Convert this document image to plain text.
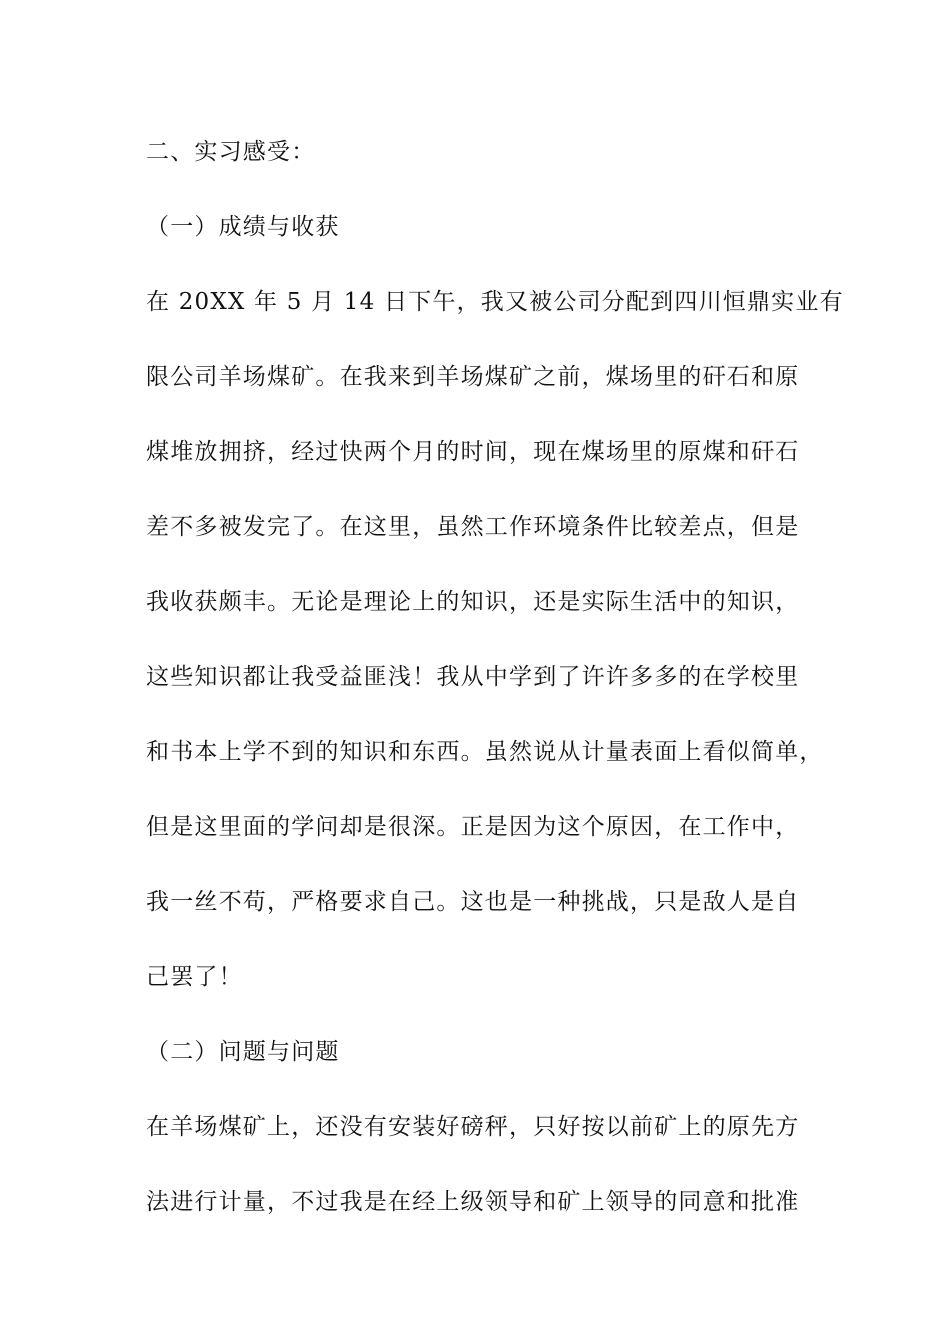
二、实习感受：
（一）成绩与收获
在 20XX 年 5 月 14 日下午，我又被公司分配到四川恒鼎实业有
限公司羊场煤矿。在我来到羊场煤矿之前，煤场里的矸石和原
煤堆放拥挤，经过快两个月的时间，现在煤场里的原煤和矸石
差不多被发完了。在这里，虽然工作环境条件比较差点，但是
我收获颇丰。无论是理论上的知识，还是实际生活中的知识，
这些知识都让我受益匪浅！我从中学到了许许多多的在学校里
和书本上学不到的知识和东西。虽然说从计量表面上看似简单，
但是这里面的学问却是很深。正是因为这个原因，在工作中，
我一丝不苟，严格要求自己。这也是一种挑战，只是敌人是自
己罢了！
（二）问题与问题
在羊场煤矿上，还没有安装好磅秤，只好按以前矿上的原先方
法进行计量，不过我是在经上级领导和矿上领导的同意和批准
